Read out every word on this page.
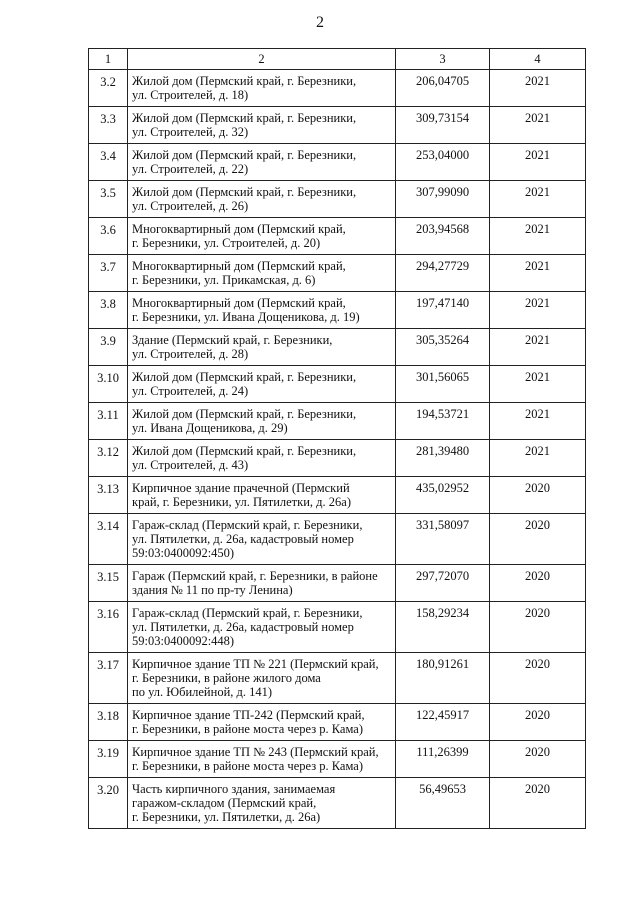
2
1	2	3	4
3.2	Жилой дом (Пермский край, г. Березники,
ул. Строителей, д. 18)	206,04705	2021
3.3	Жилой дом (Пермский край, г. Березники,
ул. Строителей, д. 32)	309,73154	2021
3.4	Жилой дом (Пермский край, г. Березники,
ул. Строителей, д. 22)	253,04000	2021
3.5	Жилой дом (Пермский край, г. Березники,
ул. Строителей, д. 26)	307,99090	2021
3.6	Многоквартирный дом (Пермский край,
г. Березники, ул. Строителей, д. 20)	203,94568	2021
3.7	Многоквартирный дом (Пермский край,
г. Березники, ул. Прикамская, д. 6)	294,27729	2021
3.8	Многоквартирный дом (Пермский край,
г. Березники, ул. Ивана Дощеникова, д. 19)	197,47140	2021
3.9	Здание (Пермский край, г. Березники,
ул. Строителей, д. 28)	305,35264	2021
3.10	Жилой дом (Пермский край, г. Березники,
ул. Строителей, д. 24)	301,56065	2021
3.11	Жилой дом (Пермский край, г. Березники,
ул. Ивана Дощеникова, д. 29)	194,53721	2021
3.12	Жилой дом (Пермский край, г. Березники,
ул. Строителей, д. 43)	281,39480	2021
3.13	Кирпичное здание прачечной (Пермский
край, г. Березники, ул. Пятилетки, д. 26а)	435,02952	2020
3.14	Гараж-склад (Пермский край, г. Березники,
ул. Пятилетки, д. 26а, кадастровый номер
59:03:0400092:450)	331,58097	2020
3.15	Гараж (Пермский край, г. Березники, в районе
здания № 11 по пр-ту Ленина)	297,72070	2020
3.16	Гараж-склад (Пермский край, г. Березники,
ул. Пятилетки, д. 26а, кадастровый номер
59:03:0400092:448)	158,29234	2020
3.17	Кирпичное здание ТП № 221 (Пермский край,
г. Березники, в районе жилого дома
по ул. Юбилейной, д. 141)	180,91261	2020
3.18	Кирпичное здание ТП-242 (Пермский край,
г. Березники, в районе моста через р. Кама)	122,45917	2020
3.19	Кирпичное здание ТП № 243 (Пермский край,
г. Березники, в районе моста через р. Кама)	111,26399	2020
3.20	Часть кирпичного здания, занимаемая
гаражом-складом (Пермский край,
г. Березники, ул. Пятилетки, д. 26а)	56,49653	2020
